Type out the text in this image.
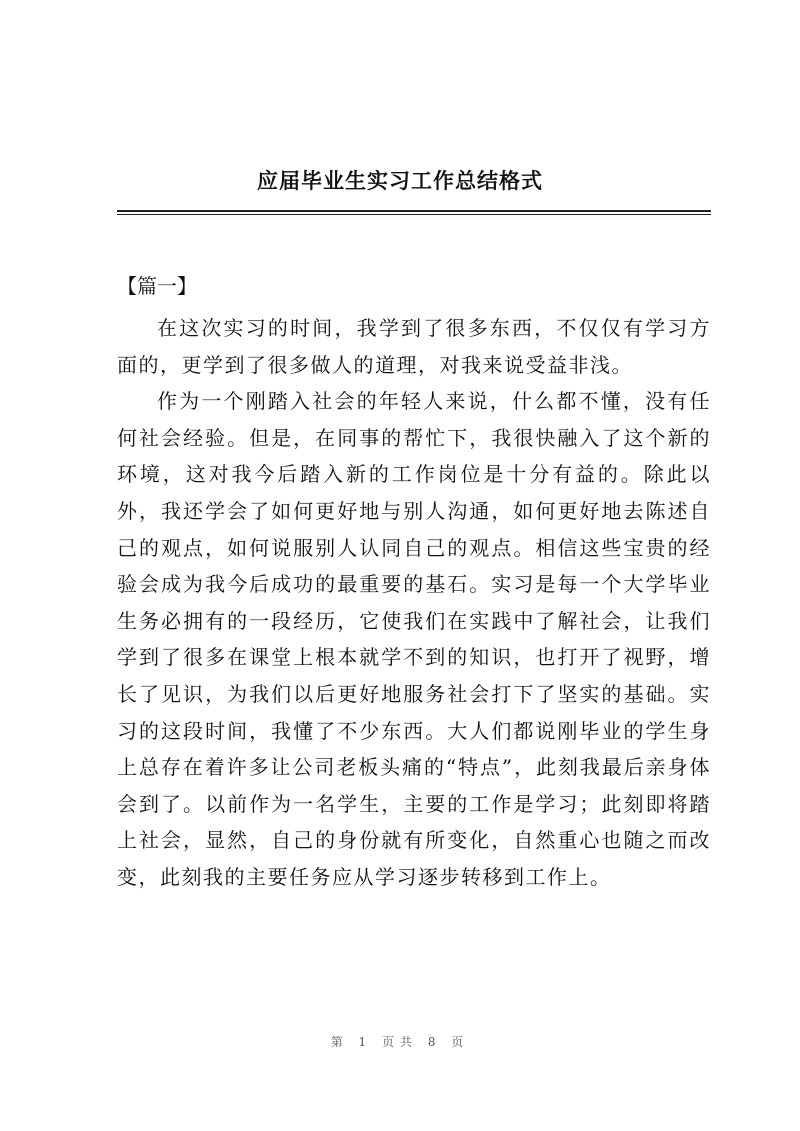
应届毕业生实习工作总结格式
【篇一】

在这次实习的时间，我学到了很多东西，不仅仅有学习方面的，更学到了很多做人的道理，对我来说受益非浅。

作为一个刚踏入社会的年轻人来说，什么都不懂，没有任何社会经验。但是，在同事的帮忙下，我很快融入了这个新的环境，这对我今后踏入新的工作岗位是十分有益的。除此以外，我还学会了如何更好地与别人沟通，如何更好地去陈述自己的观点，如何说服别人认同自己的观点。相信这些宝贵的经验会成为我今后成功的最重要的基石。实习是每一个大学毕业生务必拥有的一段经历，它使我们在实践中了解社会，让我们学到了很多在课堂上根本就学不到的知识，也打开了视野，增长了见识，为我们以后更好地服务社会打下了坚实的基础。实习的这段时间，我懂了不少东西。大人们都说刚毕业的学生身上总存在着许多让公司老板头痛的“特点”，此刻我最后亲身体会到了。以前作为一名学生，主要的工作是学习；此刻即将踏上社会，显然，自己的身份就有所变化，自然重心也随之而改变，此刻我的主要任务应从学习逐步转移到工作上。

第 1 页共 8 页
